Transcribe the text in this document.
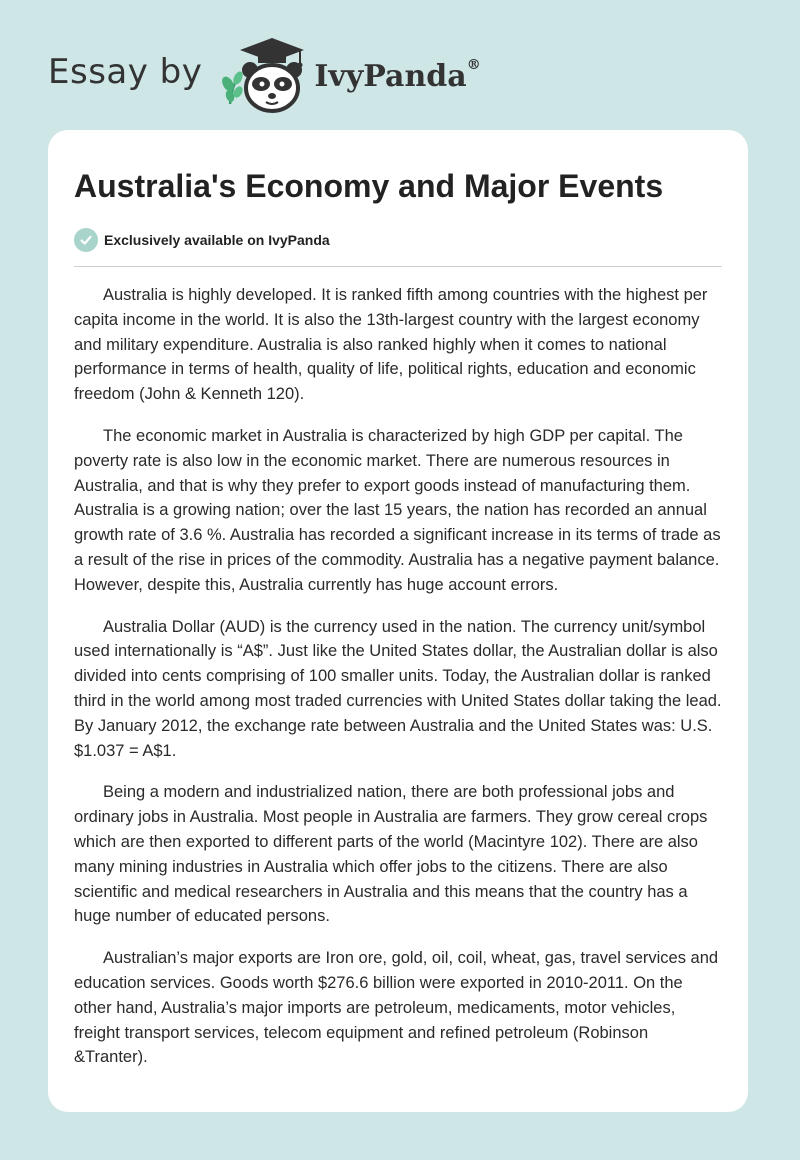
Essay by	IvyPanda®
Australia's Economy and Major Events
Exclusively available on IvyPanda

Australia is highly developed. It is ranked fifth among countries with the highest per capita income in the world. It is also the 13th-largest country with the largest economy and military expenditure. Australia is also ranked highly when it comes to national performance in terms of health, quality of life, political rights, education and economic freedom (John & Kenneth 120).

The economic market in Australia is characterized by high GDP per capital. The poverty rate is also low in the economic market. There are numerous resources in Australia, and that is why they prefer to export goods instead of manufacturing them. Australia is a growing nation; over the last 15 years, the nation has recorded an annual growth rate of 3.6 %. Australia has recorded a significant increase in its terms of trade as a result of the rise in prices of the commodity. Australia has a negative payment balance. However, despite this, Australia currently has huge account errors.

Australia Dollar (AUD) is the currency used in the nation. The currency unit/symbol used internationally is “A$”. Just like the United States dollar, the Australian dollar is also divided into cents comprising of 100 smaller units. Today, the Australian dollar is ranked third in the world among most traded currencies with United States dollar taking the lead. By January 2012, the exchange rate between Australia and the United States was: U.S. $1.037 = A$1.

Being a modern and industrialized nation, there are both professional jobs and ordinary jobs in Australia. Most people in Australia are farmers. They grow cereal crops which are then exported to different parts of the world (Macintyre 102). There are also many mining industries in Australia which offer jobs to the citizens. There are also scientific and medical researchers in Australia and this means that the country has a huge number of educated persons.

Australian’s major exports are Iron ore, gold, oil, coil, wheat, gas, travel services and education services. Goods worth $276.6 billion were exported in 2010-2011. On the other hand, Australia’s major imports are petroleum, medicaments, motor vehicles, freight transport services, telecom equipment and refined petroleum (Robinson &Tranter).
